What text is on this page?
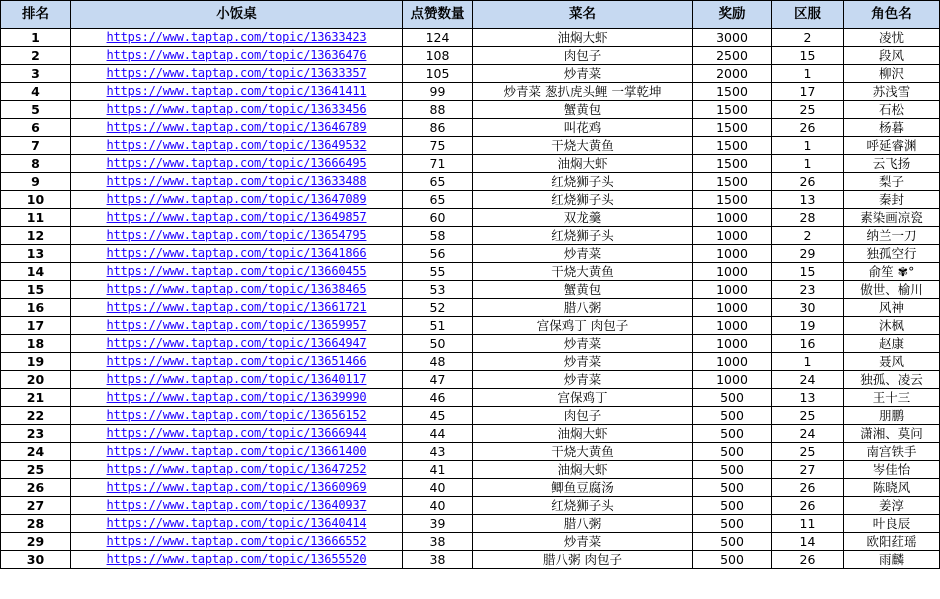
排名	小饭桌	点赞数量	菜名	奖励	区服	角色名
1	https://www.taptap.com/topic/13633423	124	油焖大虾	3000	2	凌忧
2	https://www.taptap.com/topic/13636476	108	肉包子	2500	15	段风
3	https://www.taptap.com/topic/13633357	105	炒青菜	2000	1	柳沢
4	https://www.taptap.com/topic/13641411	99	炒青菜 葱扒虎头鲤 一掌乾坤	1500	17	苏浅雪
5	https://www.taptap.com/topic/13633456	88	蟹黄包	1500	25	石松
6	https://www.taptap.com/topic/13646789	86	叫花鸡	1500	26	杨暮
7	https://www.taptap.com/topic/13649532	75	干烧大黄鱼	1500	1	呼延睿渊
8	https://www.taptap.com/topic/13666495	71	油焖大虾	1500	1	云飞扬
9	https://www.taptap.com/topic/13633488	65	红烧狮子头	1500	26	梨子
10	https://www.taptap.com/topic/13647089	65	红烧狮子头	1500	13	秦封
11	https://www.taptap.com/topic/13649857	60	双龙羹	1000	28	素染画凉瓷
12	https://www.taptap.com/topic/13654795	58	红烧狮子头	1000	2	纳兰一刀
13	https://www.taptap.com/topic/13641866	56	炒青菜	1000	29	独孤空行
14	https://www.taptap.com/topic/13660455	55	干烧大黄鱼	1000	15	俞笙 ✾°
15	https://www.taptap.com/topic/13638465	53	蟹黄包	1000	23	傲世、榆川
16	https://www.taptap.com/topic/13661721	52	腊八粥	1000	30	风神
17	https://www.taptap.com/topic/13659957	51	宫保鸡丁 肉包子	1000	19	沐枫
18	https://www.taptap.com/topic/13664947	50	炒青菜	1000	16	赵康
19	https://www.taptap.com/topic/13651466	48	炒青菜	1000	1	聂风
20	https://www.taptap.com/topic/13640117	47	炒青菜	1000	24	独孤、凌云
21	https://www.taptap.com/topic/13639990	46	宫保鸡丁	500	13	王十三
22	https://www.taptap.com/topic/13656152	45	肉包子	500	25	朋鹏
23	https://www.taptap.com/topic/13666944	44	油焖大虾	500	24	潇湘、莫问
24	https://www.taptap.com/topic/13661400	43	干烧大黄鱼	500	25	南宫铁手
25	https://www.taptap.com/topic/13647252	41	油焖大虾	500	27	岑佳怡
26	https://www.taptap.com/topic/13660969	40	鲫鱼豆腐汤	500	26	陈晓风
27	https://www.taptap.com/topic/13640937	40	红烧狮子头	500	26	姜淳
28	https://www.taptap.com/topic/13640414	39	腊八粥	500	11	叶良辰
29	https://www.taptap.com/topic/13666552	38	炒青菜	500	14	欧阳荭瑶
30	https://www.taptap.com/topic/13655520	38	腊八粥 肉包子	500	26	雨麟
